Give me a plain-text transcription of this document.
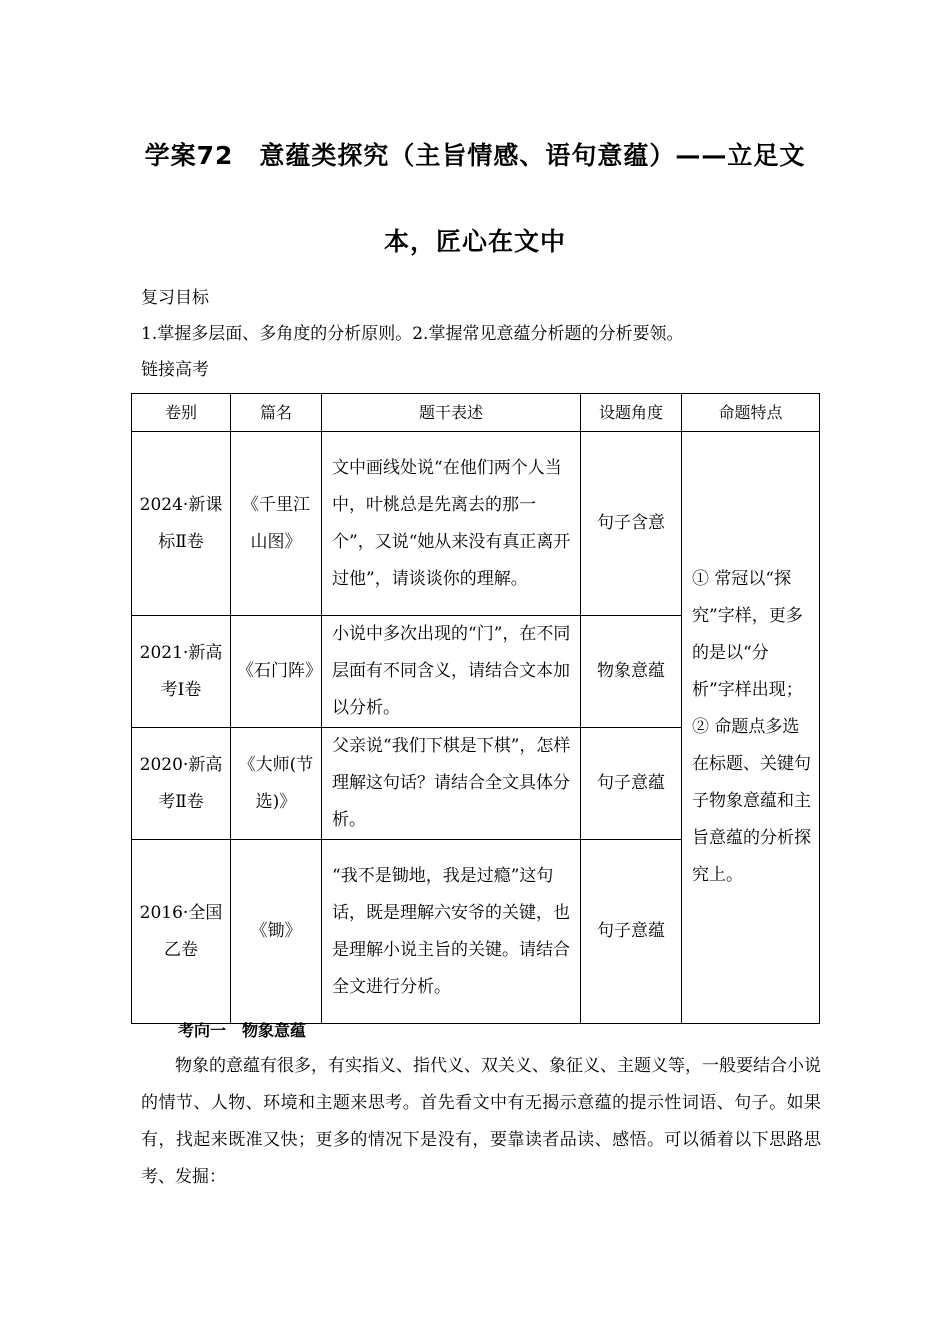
学案72　意蕴类探究（主旨情感、语句意蕴）——立足文
本，匠心在文中
复习目标
1.掌握多层面、多角度的分析原则。2.掌握常见意蕴分析题的分析要领。
链接高考
卷别	篇名	题干表述	设题角度	命题特点
2024·新课标Ⅱ卷	《千里江山图》	文中画线处说“在他们两个人当中，叶桃总是先离去的那一个”，又说“她从来没有真正离开过他”，请谈谈你的理解。	句子含意	① 常冠以“探究”字样，更多的是以“分析”字样出现；② 命题点多选在标题、关键句子物象意蕴和主旨意蕴的分析探究上。
2021·新高考Ⅰ卷	《石门阵》	小说中多次出现的“门”，在不同层面有不同含义，请结合文本加以分析。	物象意蕴	
2020·新高考Ⅱ卷	《大师(节选)》	父亲说“我们下棋是下棋”，怎样理解这句话？请结合全文具体分析。	句子意蕴	
2016·全国乙卷	《锄》	“我不是锄地，我是过瘾”这句话，既是理解六安爷的关键，也是理解小说主旨的关键。请结合全文进行分析。	句子意蕴	
考向一　物象意蕴
物象的意蕴有很多，有实指义、指代义、双关义、象征义、主题义等，一般要结合小说的情节、人物、环境和主题来思考。首先看文中有无揭示意蕴的提示性词语、句子。如果有，找起来既准又快；更多的情况下是没有，要靠读者品读、感悟。可以循着以下思路思考、发掘：
